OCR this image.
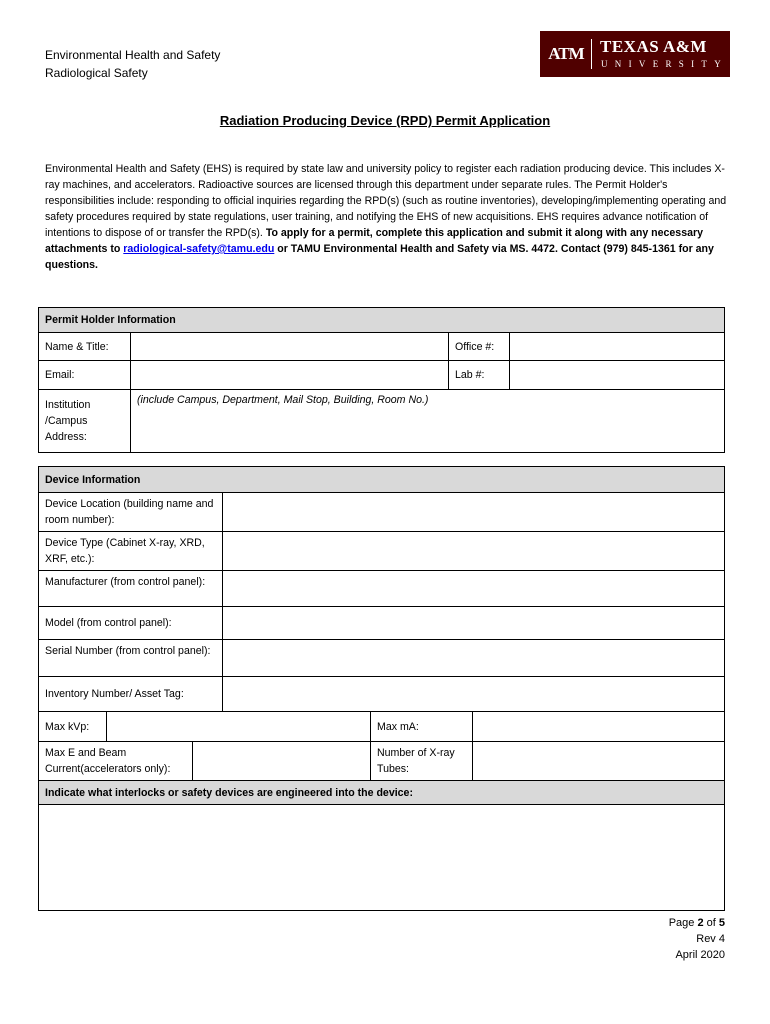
Environmental Health and Safety
Radiological Safety
ATM TEXAS A&M
UNIVERSITY
Radiation Producing Device (RPD) Permit Application

Environmental Health and Safety (EHS) is required by state law and university policy to register each radiation producing device. This includes X-ray machines, and accelerators. Radioactive sources are licensed through this department under separate rules. The Permit Holder's responsibilities include: responding to official inquiries regarding the RPD(s) (such as routine inventories), developing/implementing operating and safety procedures required by state regulations, user training, and notifying the EHS of new acquisitions. EHS requires advance notification of intentions to dispose of or transfer the RPD(s). To apply for a permit, complete this application and submit it along with any necessary attachments to radiological-safety@tamu.edu or TAMU Environmental Health and Safety via MS. 4472. Contact (979) 845-1361 for any questions.

Permit Holder Information			
Name & Title:		Office #:	
Email:		Lab #:	
Institution /Campus Address:	(include Campus, Department, Mail Stop, Building, Room No.)		
Device Information					
Device Location (building name and room number):					
Device Type (Cabinet X-ray, XRD, XRF, etc.):					
Manufacturer (from control panel):					
Model (from control panel):					
Serial Number (from control panel):					
Inventory Number/ Asset Tag:					
Max kVp:				Max mA:	
Max E and Beam Current(accelerators only):				Number of X-ray Tubes:	
Indicate what interlocks or safety devices are engineered into the device:					

Page 2 of 5
Rev 4
April 2020
